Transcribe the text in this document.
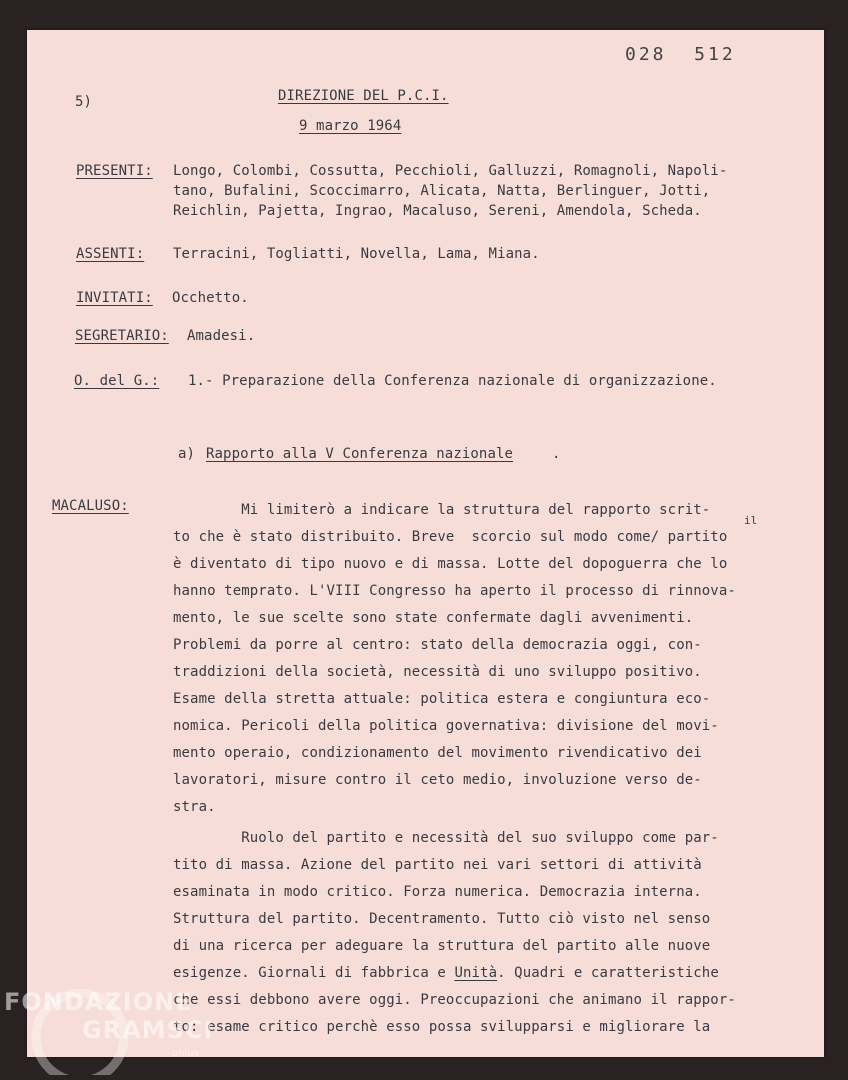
028  512
5)	DIREZIONE DEL P.C.I.
9 marzo 1964
PRESENTI: Longo, Colombi, Cossutta, Pecchioli, Galluzzi, Romagnoli, Napoli-
tano, Bufalini, Scoccimarro, Alicata, Natta, Berlinguer, Jotti,
Reichlin, Pajetta, Ingrao, Macaluso, Sereni, Amendola, Scheda.
ASSENTI: Terracini, Togliatti, Novella, Lama, Miana.
INVITATI: Occhetto.
SEGRETARIO: Amadesi.
O. del G.: 1.- Preparazione della Conferenza nazionale di organizzazione.
a) Rapporto alla V Conferenza nazionale	.
MACALUSO:
il
Mi limiterò a indicare la struttura del rapporto scrit-
to che è stato distribuito. Breve  scorcio sul modo come/ partito
è diventato di tipo nuovo e di massa. Lotte del dopoguerra che lo
hanno temprato. L'VIII Congresso ha aperto il processo di rinnova-
mento, le sue scelte sono state confermate dagli avvenimenti.
Problemi da porre al centro: stato della democrazia oggi, con-
traddizioni della società, necessità di uno sviluppo positivo.
Esame della stretta attuale: politica estera e congiuntura eco-
nomica. Pericoli della politica governativa: divisione del movi-
mento operaio, condizionamento del movimento rivendicativo dei
lavoratori, misure contro il ceto medio, involuzione verso de-
stra.
Ruolo del partito e necessità del suo sviluppo come par-
tito di massa. Azione del partito nei vari settori di attività
esaminata in modo critico. Forza numerica. Democrazia interna.
Struttura del partito. Decentramento. Tutto ciò visto nel senso
di una ricerca per adeguare la struttura del partito alle nuove
esigenze. Giornali di fabbrica e Unità. Quadri e caratteristiche
che essi debbono avere oggi. Preoccupazioni che animano il rappor-
to: esame critico perchè esso possa svilupparsi e migliorare la
FONDAZIONE
GRAMSCI
onlus
